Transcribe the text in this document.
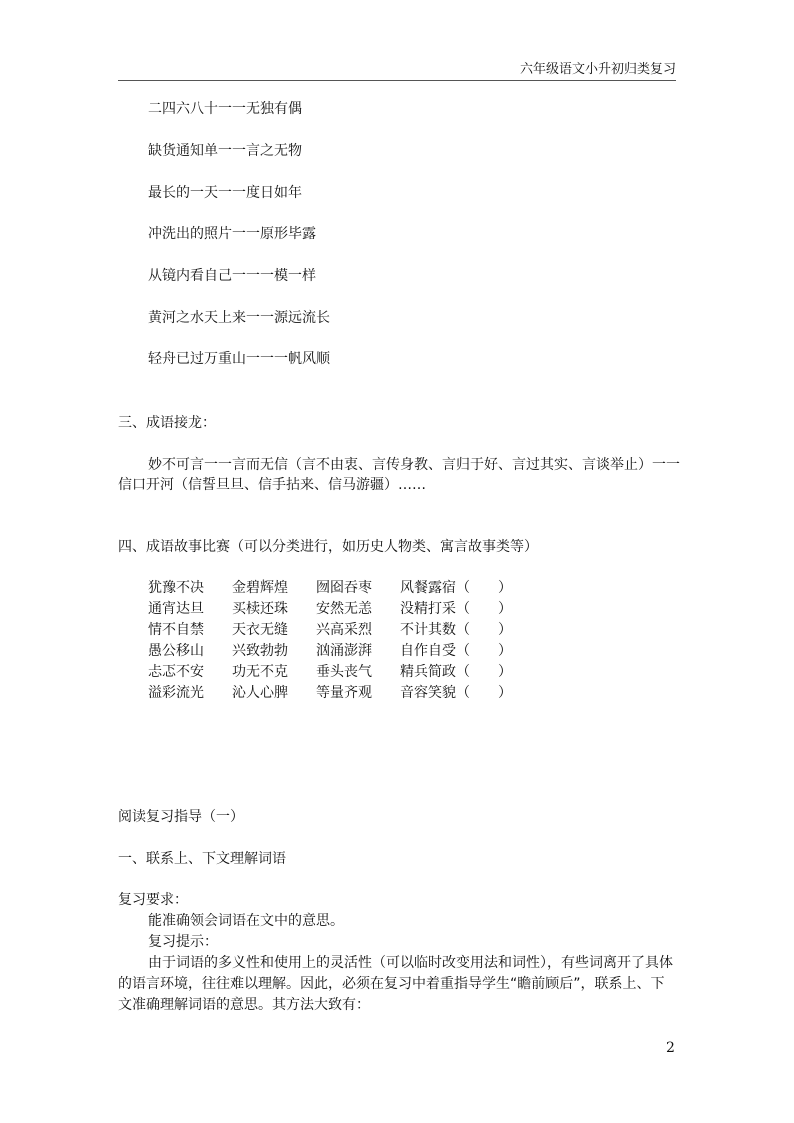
六年级语文小升初归类复习
二四六八十一一无独有偶
缺货通知单一一言之无物
最长的一天一一度日如年
冲洗出的照片一一原形毕露
从镜内看自己一一一模一样
黄河之水天上来一一源远流长
轻舟已过万重山一一一帆风顺
三、成语接龙：
妙不可言一一言而无信（言不由衷、言传身教、言归于好、言过其实、言谈举止）一一
信口开河（信誓旦旦、信手拈来、信马游疆）……
四、成语故事比赛（可以分类进行，如历史人物类、寓言故事类等）
犹豫不决 金碧辉煌 囫囵吞枣 风餐露宿（　　）
通宵达旦 买椟还珠 安然无恙 没精打采（　　）
情不自禁 天衣无缝 兴高采烈 不计其数（　　）
愚公移山 兴致勃勃 汹涌澎湃 自作自受（　　）
忐忑不安 功无不克 垂头丧气 精兵简政（　　）
溢彩流光 沁人心脾 等量齐观 音容笑貌（　　）
阅读复习指导（一）
一、联系上、下文理解词语
复习要求：
能准确领会词语在文中的意思。
复习提示：
由于词语的多义性和使用上的灵活性（可以临时改变用法和词性），有些词离开了具体
的语言环境，往往难以理解。因此，必须在复习中着重指导学生“瞻前顾后”，联系上、下
文准确理解词语的意思。其方法大致有：
2
